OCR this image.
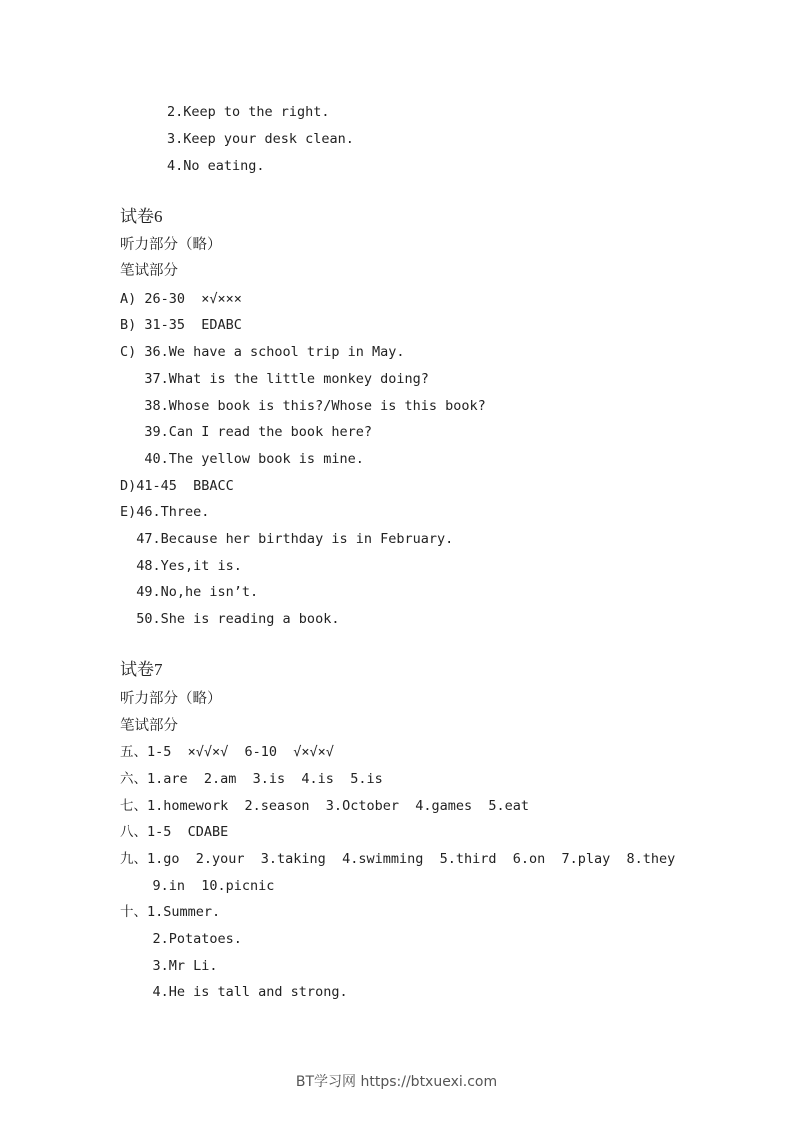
2.Keep to the right.
3.Keep your desk clean.
4.No eating.
试卷6
听力部分（略）
笔试部分
A) 26-30  ×√×××
B) 31-35  EDABC
C) 36.We have a school trip in May.
37.What is the little monkey doing?
38.Whose book is this?/Whose is this book?
39.Can I read the book here?
40.The yellow book is mine.
D)41-45  BBACC
E)46.Three.
47.Because her birthday is in February.
48.Yes,it is.
49.No,he isn’t.
50.She is reading a book.
试卷7
听力部分（略）
笔试部分
五、1-5  ×√√×√  6-10  √×√×√
六、1.are  2.am  3.is  4.is  5.is
七、1.homework  2.season  3.October  4.games  5.eat
八、1-5  CDABE
九、1.go  2.your  3.taking  4.swimming  5.third  6.on  7.play  8.they
9.in  10.picnic
十、1.Summer.
2.Potatoes.
3.Mr Li.
4.He is tall and strong.
BT学习网 https://btxuexi.com
